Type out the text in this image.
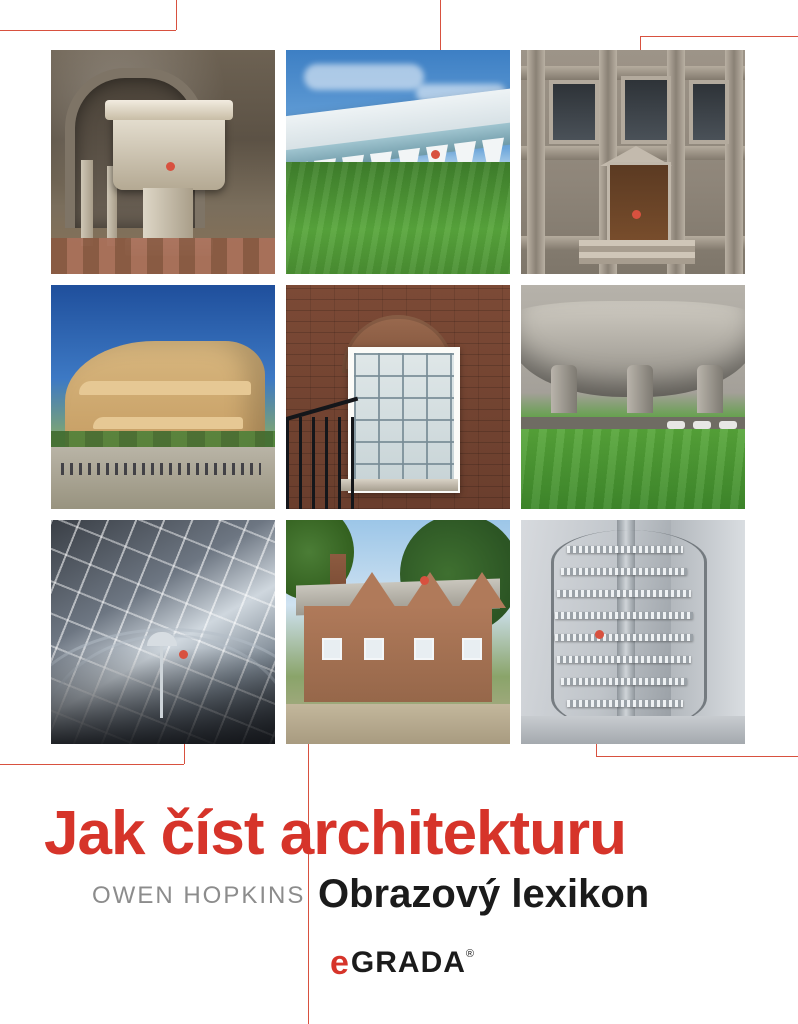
Jak číst architekturu
OWEN HOPKINS Obrazový lexikon
e GRADA ®
